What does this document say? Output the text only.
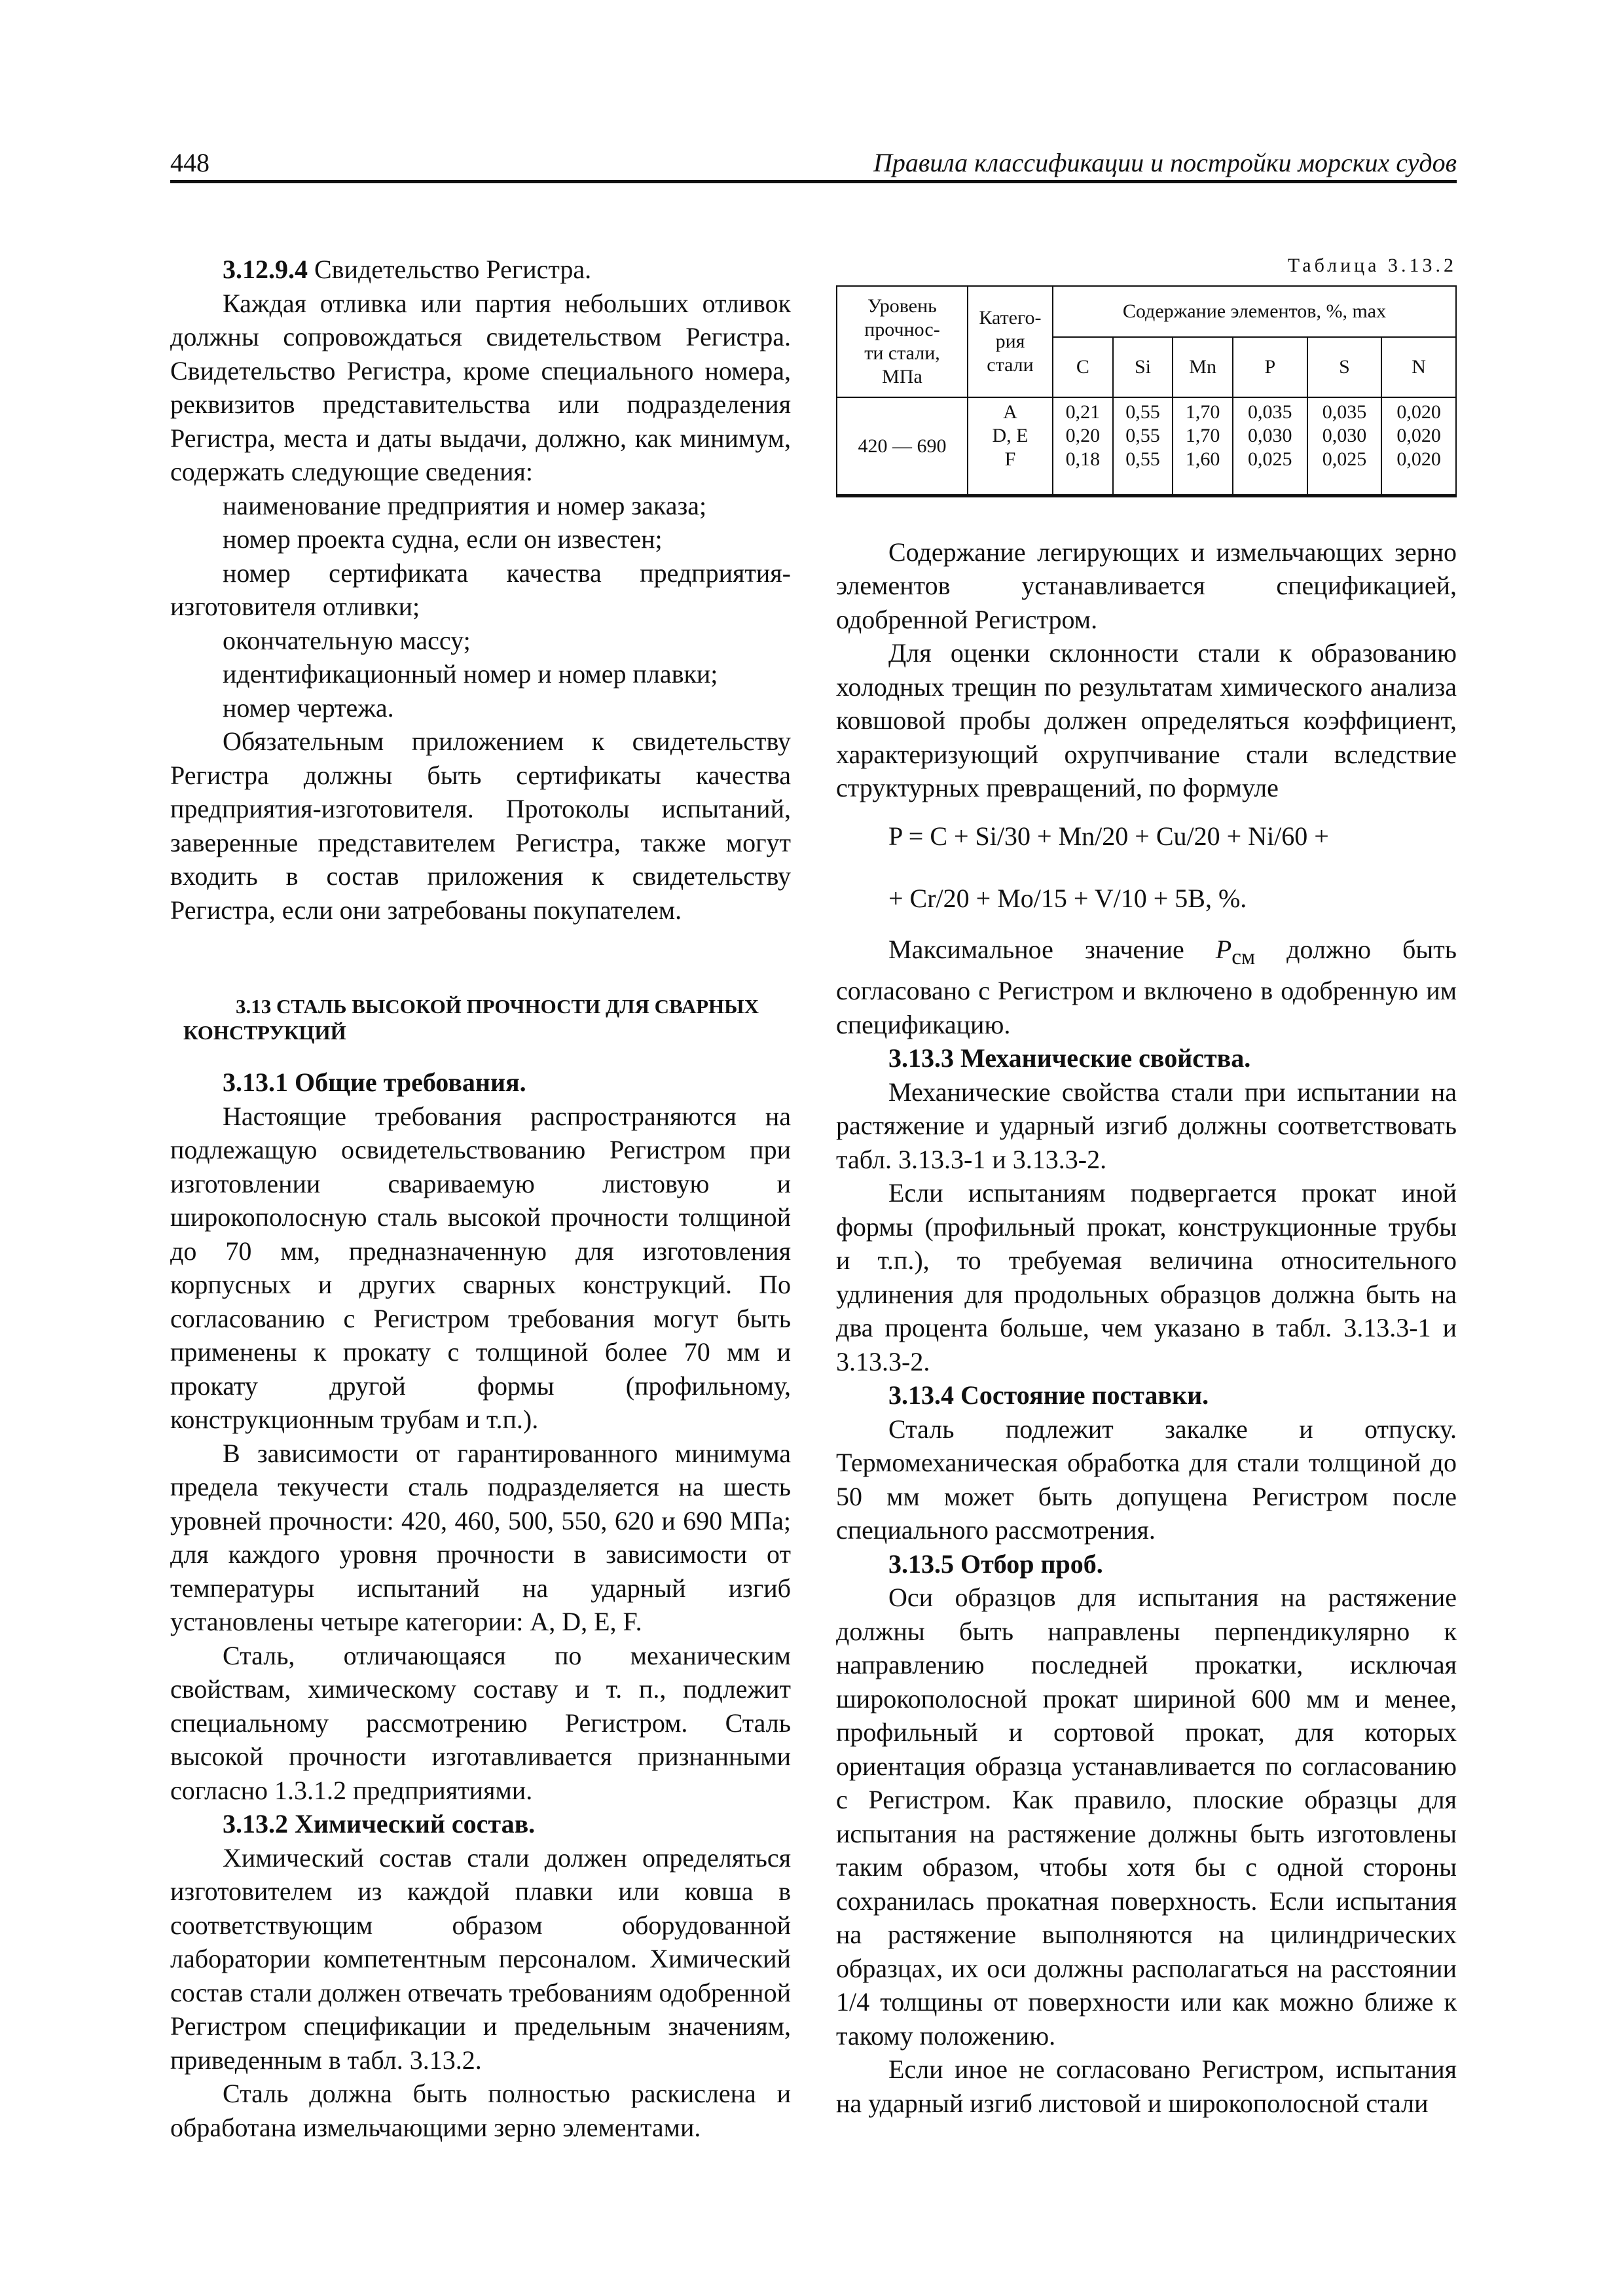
448	Правила классификации и постройки морских судов

3.12.9.4 Свидетельство Регистра.

Каждая отливка или партия небольших отливок должны сопровождаться свидетельством Регистра. Свидетельство Регистра, кроме специального номера, реквизитов представительства или подразделения Регистра, места и даты выдачи, должно, как минимум, содержать следующие сведения:

наименование предприятия и номер заказа;

номер проекта судна, если он известен;

номер сертификата качества предприятия-изготовителя отливки;

окончательную массу;

идентификационный номер и номер плавки;

номер чертежа.

Обязательным приложением к свидетельству Регистра должны быть сертификаты качества предприятия-изготовителя. Протоколы испытаний, заверенные представителем Регистра, также могут входить в состав приложения к свидетельству Регистра, если они затребованы покупателем.

3.13 СТАЛЬ ВЫСОКОЙ ПРОЧНОСТИ ДЛЯ СВАРНЫХ
КОНСТРУКЦИЙ

3.13.1 Общие требования.

Настоящие требования распространяются на подлежащую освидетельствованию Регистром при изготовлении свариваемую листовую и широкополосную сталь высокой прочности толщиной до 70 мм, предназначенную для изготовления корпусных и других сварных конструкций. По согласованию с Регистром требования могут быть применены к прокату с толщиной более 70 мм и прокату другой формы (профильному, конструкционным трубам и т.п.).

В зависимости от гарантированного минимума предела текучести сталь подразделяется на шесть уровней прочности: 420, 460, 500, 550, 620 и 690 МПа; для каждого уровня прочности в зависимости от температуры испытаний на ударный изгиб установлены четыре категории: A, D, E, F.

Сталь, отличающаяся по механическим свойствам, химическому составу и т. п., подлежит специальному рассмотрению Регистром. Сталь высокой прочности изготавливается признанными согласно 1.3.1.2 предприятиями.

3.13.2 Химический состав.

Химический состав стали должен определяться изготовителем из каждой плавки или ковша в соответствующим образом оборудованной лаборатории компетентным персоналом. Химический состав стали должен отвечать требованиям одобренной Регистром спецификации и предельным значениям, приведенным в табл. 3.13.2.

Сталь должна быть полностью раскислена и обработана измельчающими зерно элементами.

Таблица 3.13.2
Уровень
прочнос-
ти стали,
МПа	Катего-
рия
стали	Содержание элементов, %, max					
		C	Si	Mn	P	S	N
420 — 690	A
D, E
F	0,21
0,20
0,18	0,55
0,55
0,55	1,70
1,70
1,60	0,035
0,030
0,025	0,035
0,030
0,025	0,020
0,020
0,020

Содержание легирующих и измельчающих зерно элементов устанавливается спецификацией, одобренной Регистром.

Для оценки склонности стали к образованию холодных трещин по результатам химического анализа ковшовой пробы должен определяться коэффициент, характеризующий охрупчивание стали вследствие структурных превращений, по формуле

P = C + Si/30 + Mn/20 + Cu/20 + Ni/60 +

+ Cr/20 + Mo/15 + V/10 + 5B, %.

Максимальное значение $P_{см}$ должно быть согласовано с Регистром и включено в одобренную им спецификацию.

3.13.3 Механические свойства.

Механические свойства стали при испытании на растяжение и ударный изгиб должны соответствовать табл. 3.13.3-1 и 3.13.3-2.

Если испытаниям подвергается прокат иной формы (профильный прокат, конструкционные трубы и т.п.), то требуемая величина относительного удлинения для продольных образцов должна быть на два процента больше, чем указано в табл. 3.13.3-1 и 3.13.3-2.

3.13.4 Состояние поставки.

Сталь подлежит закалке и отпуску. Термомеханическая обработка для стали толщиной до 50 мм может быть допущена Регистром после специального рассмотрения.

3.13.5 Отбор проб.

Оси образцов для испытания на растяжение должны быть направлены перпендикулярно к направлению последней прокатки, исключая широкополосной прокат шириной 600 мм и менее, профильный и сортовой прокат, для которых ориентация образца устанавливается по согласованию с Регистром. Как правило, плоские образцы для испытания на растяжение должны быть изготовлены таким образом, чтобы хотя бы с одной стороны сохранилась прокатная поверхность. Если испытания на растяжение выполняются на цилиндрических образцах, их оси должны располагаться на расстоянии 1/4 толщины от поверхности или как можно ближе к такому положению.

Если иное не согласовано Регистром, испытания на ударный изгиб листовой и широкополосной стали
